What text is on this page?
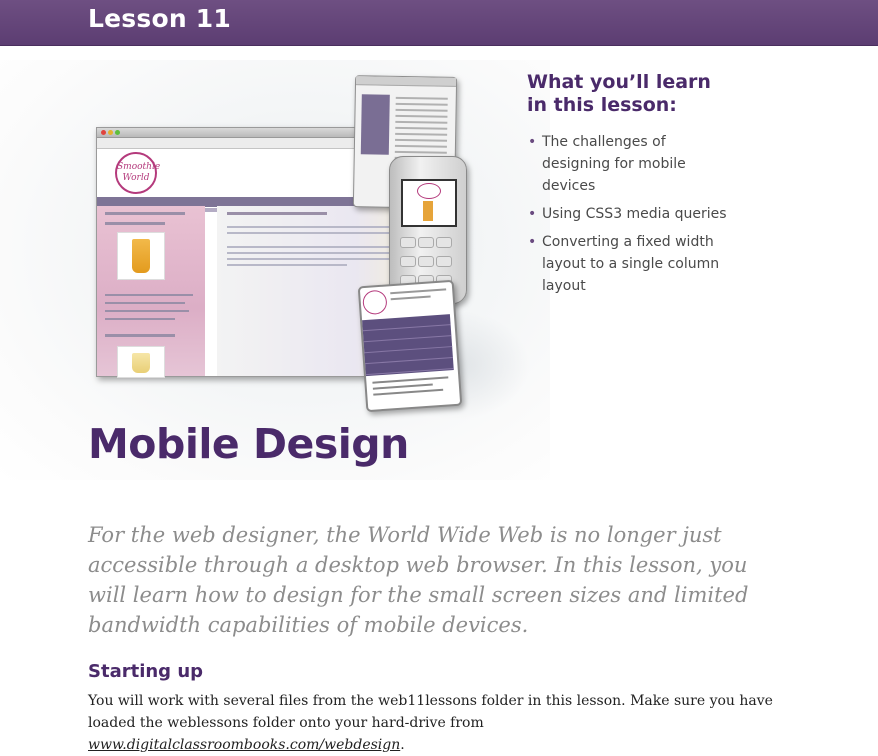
Lesson 11
Smoothie World

What you’ll learn
in this lesson:
• The challenges of designing for mobile devices
• Using CSS3 media queries
• Converting a fixed width layout to a single column layout
Mobile Design
For the web designer, the World Wide Web is no longer just accessible through a desktop web browser. In this lesson, you will learn how to design for the small screen sizes and limited bandwidth capabilities of mobile devices.
Starting up
You will work with several files from the web11lessons folder in this lesson. Make sure you have loaded the weblessons folder onto your hard-drive from www.digitalclassroombooks.com/webdesign.
